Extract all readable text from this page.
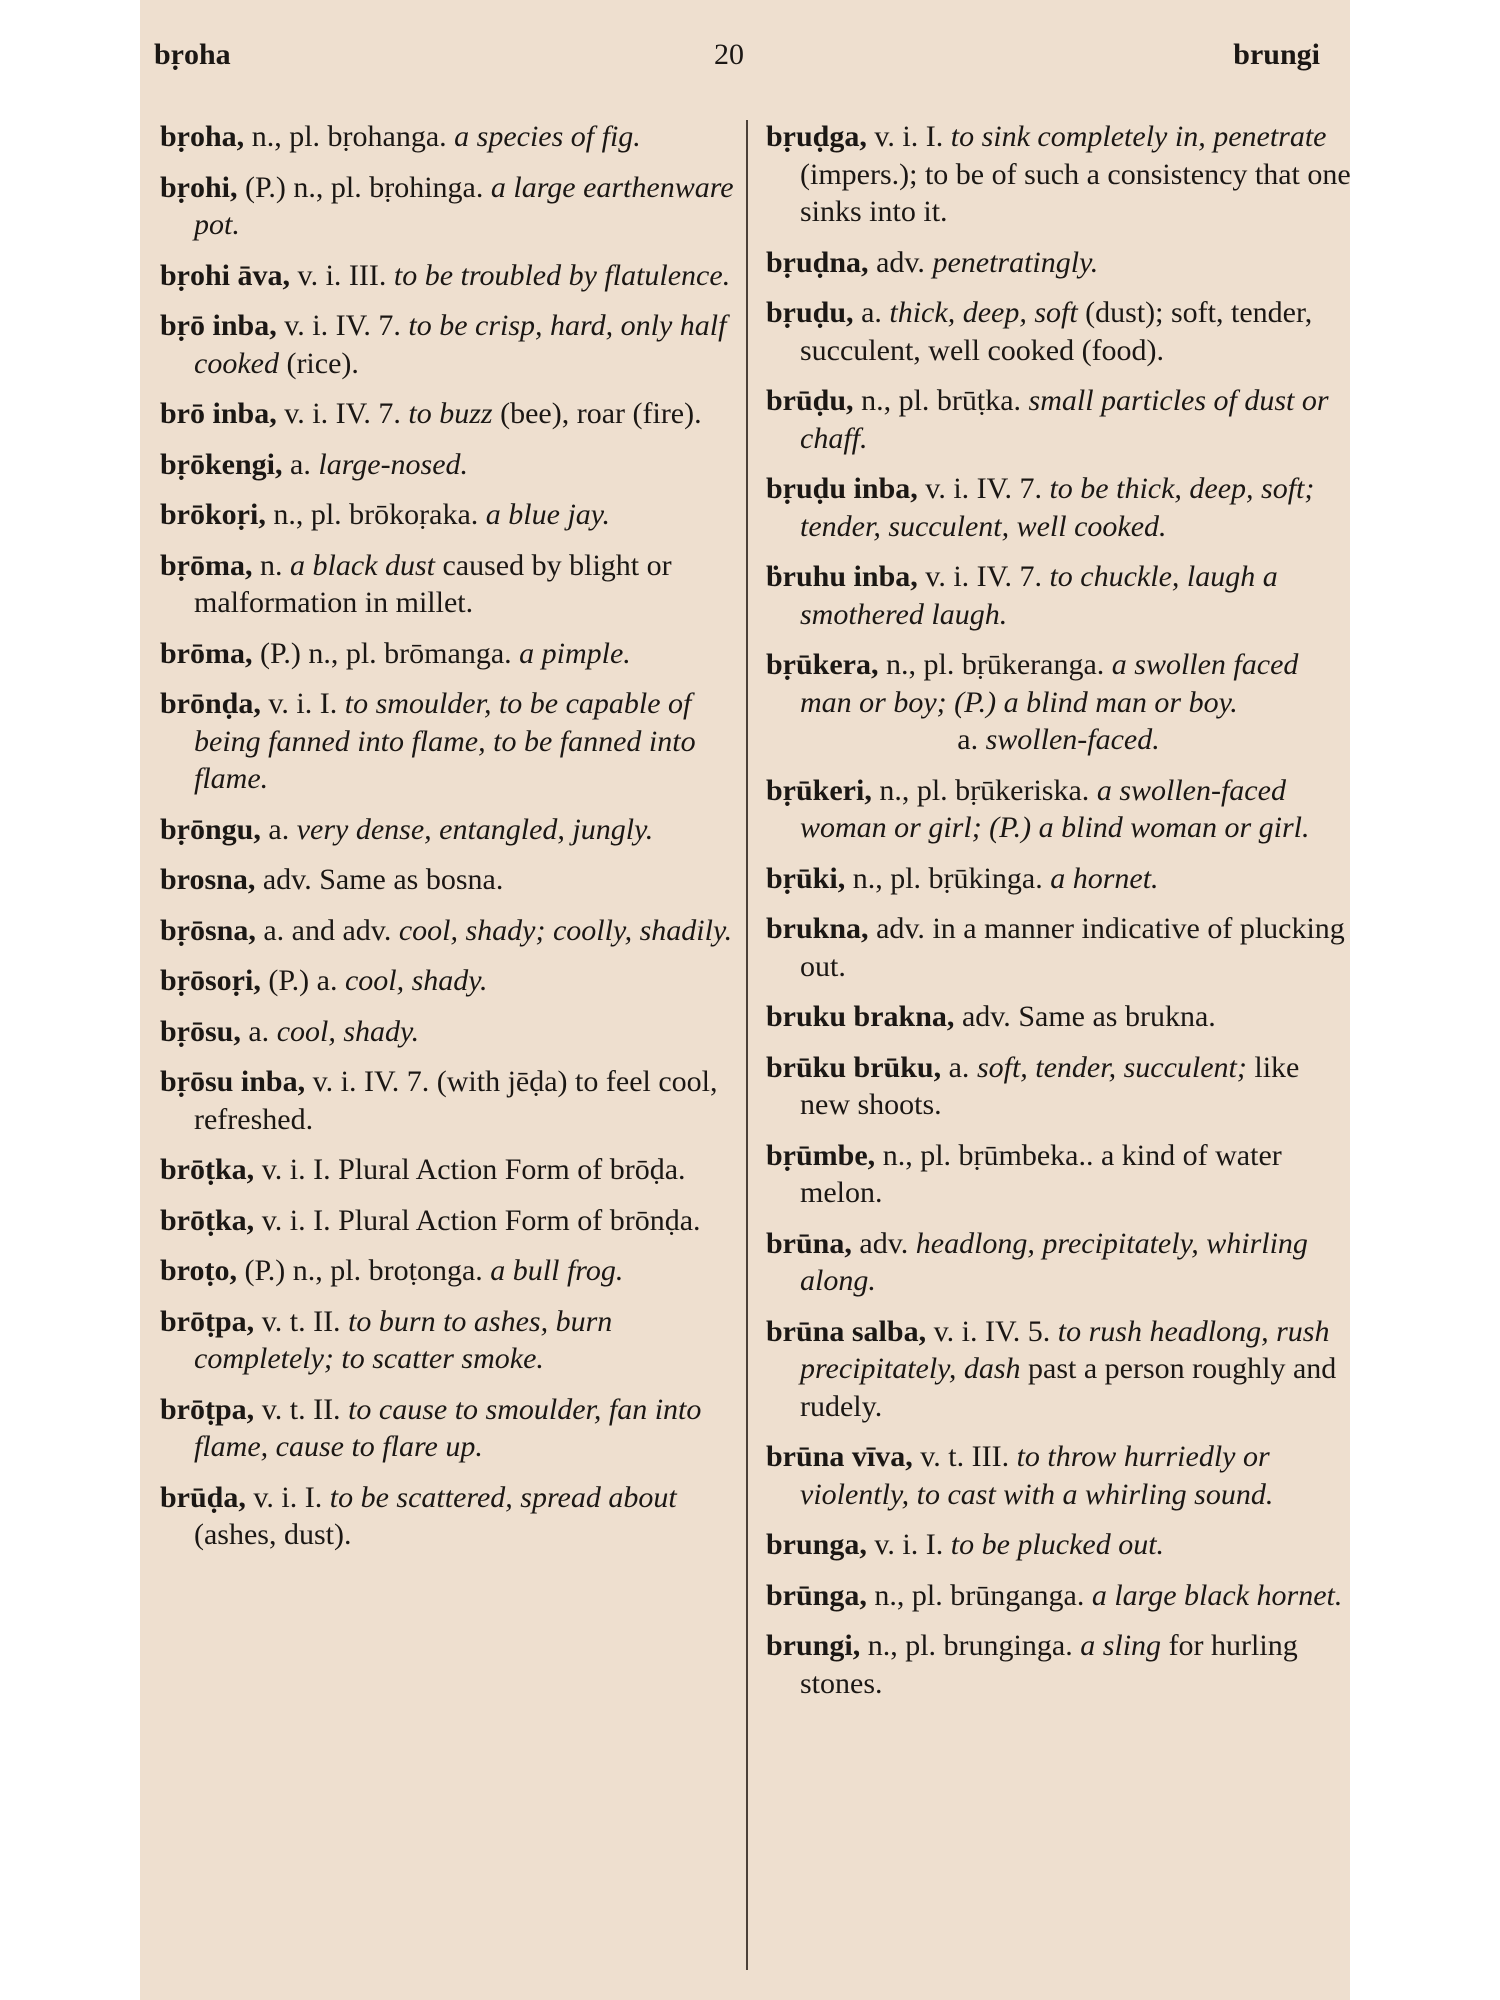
bṛoha	20	brungi
bṛoha, n., pl. bṛohanga. a species of fig.
bṛohi, (P.) n., pl. bṛohinga. a large earthenware pot.
bṛohi āva, v. i. III. to be troubled by flatulence.
bṛō inba, v. i. IV. 7. to be crisp, hard, only half cooked (rice).
brō inba, v. i. IV. 7. to buzz (bee), roar (fire).
bṛōkengi, a. large-nosed.
brōkoṛi, n., pl. brōkoṛaka. a blue jay.
bṛōma, n. a black dust caused by blight or malformation in millet.
brōma, (P.) n., pl. brōmanga. a pimple.
brōnḍa, v. i. I. to smoulder, to be capable of being fanned into flame, to be fanned into flame.
bṛōngu, a. very dense, entangled, jungly.
brosna, adv. Same as bosna.
bṛōsna, a. and adv. cool, shady; coolly, shadily.
bṛōsoṛi, (P.) a. cool, shady.
bṛōsu, a. cool, shady.
bṛōsu inba, v. i. IV. 7. (with jēḍa) to feel cool, refreshed.
brōṭka, v. i. I. Plural Action Form of brōḍa.
brōṭka, v. i. I. Plural Action Form of brōnḍa.
broṭo, (P.) n., pl. broṭonga. a bull frog.
brōṭpa, v. t. II. to burn to ashes, burn completely; to scatter smoke.
brōṭpa, v. t. II. to cause to smoulder, fan into flame, cause to flare up.
brūḍa, v. i. I. to be scattered, spread about (ashes, dust).
bṛuḍga, v. i. I. to sink completely in, penetrate (impers.); to be of such a consistency that one sinks into it.
bṛuḍna, adv. penetratingly.
bṛuḍu, a. thick, deep, soft (dust); soft, tender, succulent, well cooked (food).
brūḍu, n., pl. brūṭka. small particles of dust or chaff.
bṛuḍu inba, v. i. IV. 7. to be thick, deep, soft; tender, succulent, well cooked.
ḃruhu inba, v. i. IV. 7. to chuckle, laugh a smothered laugh.
bṛūkera, n., pl. bṛūkeranga. a swollen faced man or boy; (P.) a blind man or boy.
a. swollen-faced.
bṛūkeri, n., pl. bṛūkeriska. a swollen-faced woman or girl; (P.) a blind woman or girl.
bṛūki, n., pl. bṛūkinga. a hornet.
brukna, adv. in a manner indicative of plucking out.
bruku brakna, adv. Same as brukna.
brūku brūku, a. soft, tender, succulent; like new shoots.
bṛūmbe, n., pl. bṛūmbeka.. a kind of water melon.
brūna, adv. headlong, precipitately, whirling along.
brūna salba, v. i. IV. 5. to rush headlong, rush precipitately, dash past a person roughly and rudely.
brūna vīva, v. t. III. to throw hurriedly or violently, to cast with a whirling sound.
brunga, v. i. I. to be plucked out.
brūnga, n., pl. brūnganga. a large black hornet.
brungi, n., pl. brunginga. a sling for hurling stones.
